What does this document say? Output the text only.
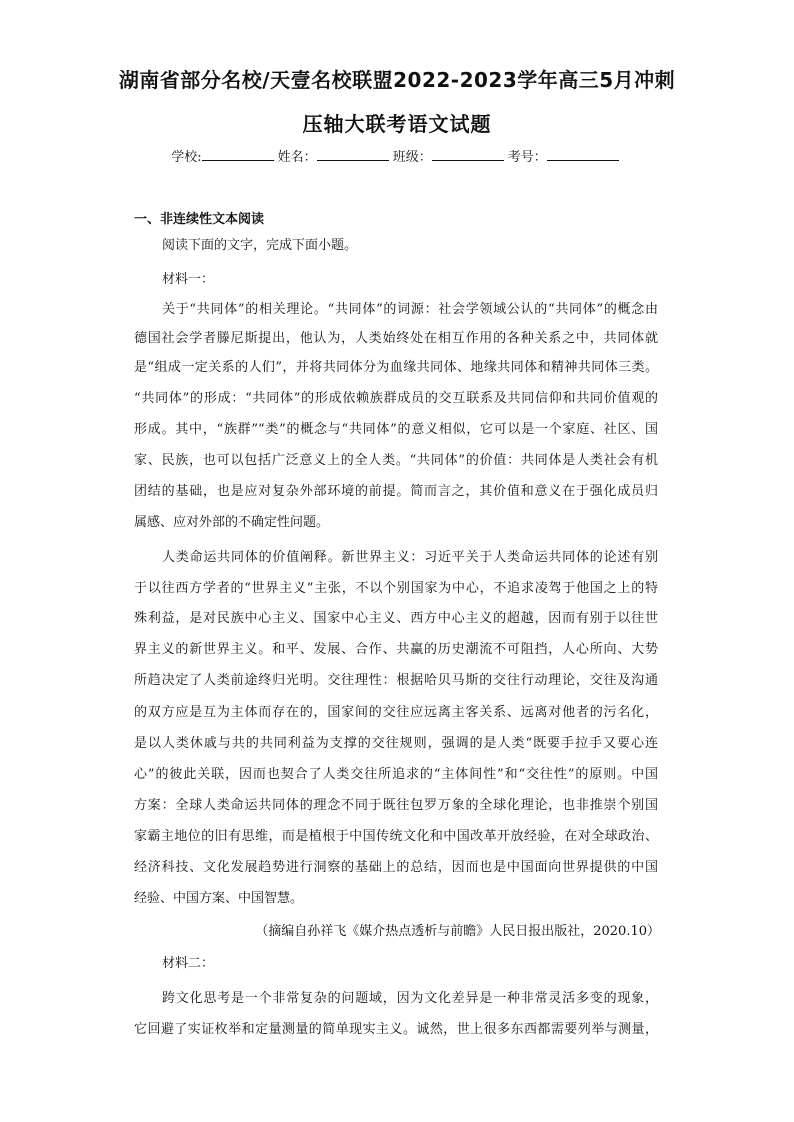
湖南省部分名校/天壹名校联盟2022-2023学年高三5月冲刺
压轴大联考语文试题
学校:	姓名：	班级：	考号：
一、非连续性文本阅读
阅读下面的文字，完成下面小题。
材料一：
关于“共同体”的相关理论。“共同体”的词源：社会学领域公认的“共同体”的概念由
德国社会学者滕尼斯提出，他认为，人类始终处在相互作用的各种关系之中，共同体就
是“组成一定关系的人们”，并将共同体分为血缘共同体、地缘共同体和精神共同体三类。
“共同体”的形成：“共同体”的形成依赖族群成员的交互联系及共同信仰和共同价值观的
形成。其中，“族群”“类”的概念与“共同体”的意义相似，它可以是一个家庭、社区、国
家、民族，也可以包括广泛意义上的全人类。“共同体”的价值：共同体是人类社会有机
团结的基础，也是应对复杂外部环境的前提。简而言之，其价值和意义在于强化成员归
属感、应对外部的不确定性问题。
人类命运共同体的价值阐释。新世界主义：习近平关于人类命运共同体的论述有别
于以往西方学者的“世界主义”主张，不以个别国家为中心，不追求凌驾于他国之上的特
殊利益，是对民族中心主义、国家中心主义、西方中心主义的超越，因而有别于以往世
界主义的新世界主义。和平、发展、合作、共赢的历史潮流不可阻挡，人心所向、大势
所趋决定了人类前途终归光明。交往理性：根据哈贝马斯的交往行动理论，交往及沟通
的双方应是互为主体而存在的，国家间的交往应远离主客关系、远离对他者的污名化，
是以人类休戚与共的共同利益为支撑的交往规则，强调的是人类“既要手拉手又要心连
心”的彼此关联，因而也契合了人类交往所追求的“主体间性”和“交往性”的原则。中国
方案：全球人类命运共同体的理念不同于既往包罗万象的全球化理论，也非推崇个别国
家霸主地位的旧有思维，而是植根于中国传统文化和中国改革开放经验，在对全球政治、
经济科技、文化发展趋势进行洞察的基础上的总结，因而也是中国面向世界提供的中国
经验、中国方案、中国智慧。
（摘编自孙祥飞《媒介热点透析与前瞻》人民日报出版社，2020.10）
材料二：
跨文化思考是一个非常复杂的问题域，因为文化差异是一种非常灵活多变的现象，
它回避了实证枚举和定量测量的简单现实主义。诚然，世上很多东西都需要列举与测量，
